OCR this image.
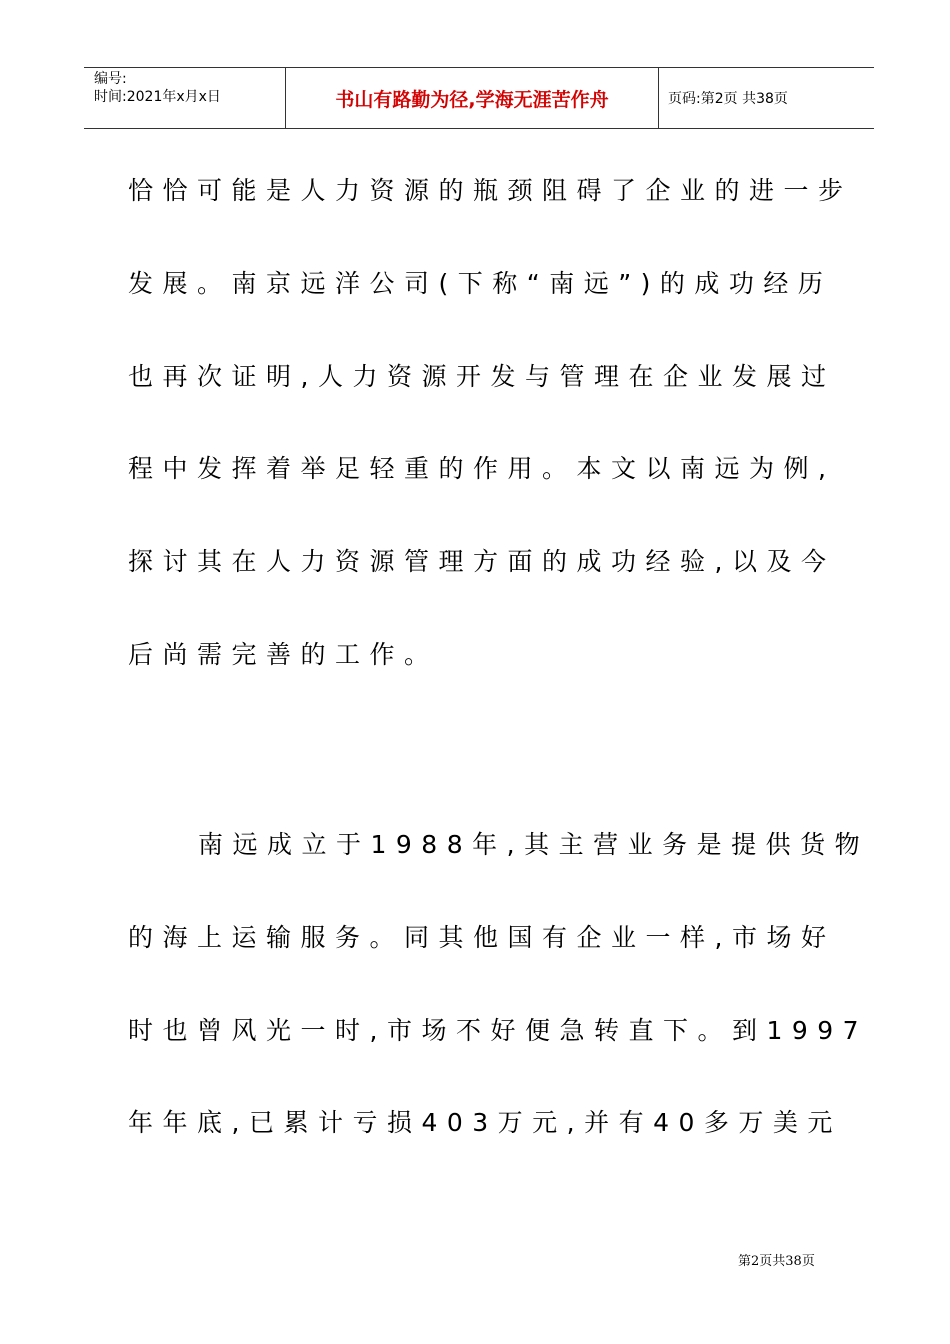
编号:
时间:2021年x月x日	书山有路勤为径,学海无涯苦作舟	页码:第2页 共38页
恰恰可能是人力资源的瓶颈阻碍了企业的进一步
发展。南京远洋公司(下称“南远”)的成功经历
也再次证明,人力资源开发与管理在企业发展过
程中发挥着举足轻重的作用。本文以南远为例,
探讨其在人力资源管理方面的成功经验,以及今
后尚需完善的工作。
南远成立于1988年,其主营业务是提供货物
的海上运输服务。同其他国有企业一样,市场好
时也曾风光一时,市场不好便急转直下。到1997
年年底,已累计亏损403万元,并有40多万美元
第2页共38页
